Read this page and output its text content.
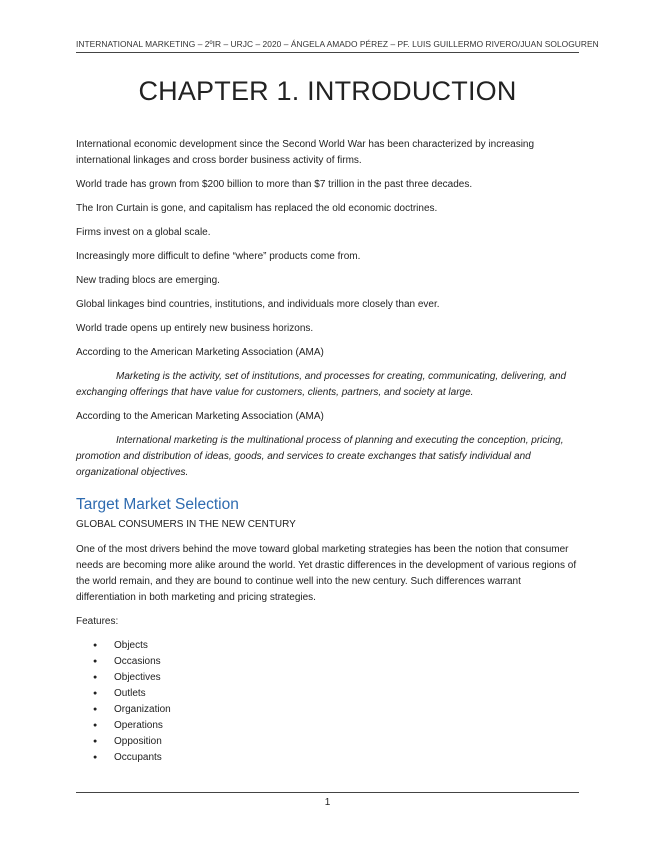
INTERNATIONAL MARKETING – 2ºIR – URJC – 2020 – ÁNGELA AMADO PÉREZ – PF. LUIS GUILLERMO RIVERO/JUAN SOLOGUREN
CHAPTER 1. INTRODUCTION

International economic development since the Second World War has been characterized by increasing international linkages and cross border business activity of firms.

World trade has grown from $200 billion to more than $7 trillion in the past three decades.

The Iron Curtain is gone, and capitalism has replaced the old economic doctrines.

Firms invest on a global scale.

Increasingly more difficult to define “where” products come from.

New trading blocs are emerging.

Global linkages bind countries, institutions, and individuals more closely than ever.

World trade opens up entirely new business horizons.

According to the American Marketing Association (AMA)

Marketing is the activity, set of institutions, and processes for creating, communicating, delivering, and exchanging offerings that have value for customers, clients, partners, and society at large.

According to the American Marketing Association (AMA)

International marketing is the multinational process of planning and executing the conception, pricing, promotion and distribution of ideas, goods, and services to create exchanges that satisfy individual and organizational objectives.

Target Market Selection

GLOBAL CONSUMERS IN THE NEW CENTURY

One of the most drivers behind the move toward global marketing strategies has been the notion that consumer needs are becoming more alike around the world. Yet drastic differences in the development of various regions of the world remain, and they are bound to continue well into the new century. Such differences warrant differentiation in both marketing and pricing strategies.

Features:

● Objects
● Occasions
● Objectives
● Outlets
● Organization
● Operations
● Opposition
● Occupants
1
